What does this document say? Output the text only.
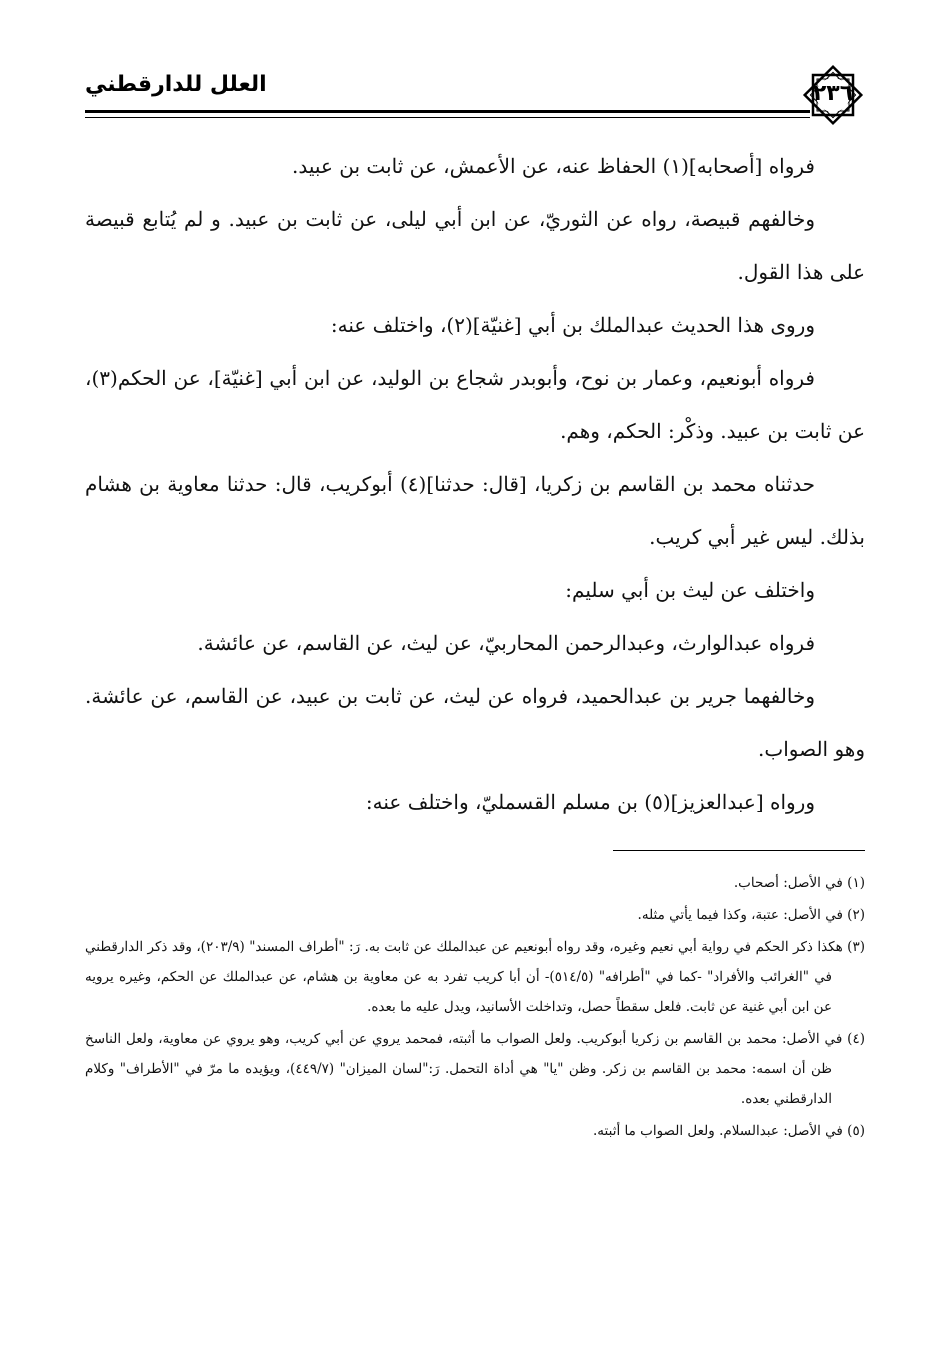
العلل للدارقطني	٢٣٦

فرواه [أصحابه](١) الحفاظ عنه، عن الأعمش، عن ثابت بن عبيد.

وخالفهم قبيصة، رواه عن الثوريّ، عن ابن أبي ليلى، عن ثابت بن عبيد. و لم يُتابع قبيصة على هذا القول.

وروى هذا الحديث عبدالملك بن أبي [غنيّة](٢)، واختلف عنه:

فرواه أبونعيم، وعمار بن نوح، وأبوبدر شجاع بن الوليد، عن ابن أبي [غنيّة]، عن الحكم(٣)، عن ثابت بن عبيد. وذكْر: الحكم، وهم.

حدثناه محمد بن القاسم بن زكريا، [قال: حدثنا](٤) أبوكريب، قال: حدثنا معاوية بن هشام بذلك. ليس غير أبي كريب.

واختلف عن ليث بن أبي سليم:

فرواه عبدالوارث، وعبدالرحمن المحاربيّ، عن ليث، عن القاسم، عن عائشة.

وخالفهما جرير بن عبدالحميد، فرواه عن ليث، عن ثابت بن عبيد، عن القاسم، عن عائشة. وهو الصواب.

ورواه [عبدالعزيز](٥) بن مسلم القسمليّ، واختلف عنه:

(١) في الأصل: أصحاب.

(٢) في الأصل: عتبة، وكذا فيما يأتي مثله.

(٣) هكذا ذكر الحكم في رواية أبي نعيم وغيره، وقد رواه أبونعيم عن عبدالملك عن ثابت به. رَ: "أطراف المسند" (٢٠٣/٩)، وقد ذكر الدارقطني في "الغرائب والأفراد" -كما في "أطرافه" (٥١٤/٥)- أن أبا كريب تفرد به عن معاوية بن هشام، عن عبدالملك عن الحكم، وغيره يرويه عن ابن أبي غنية عن ثابت. فلعل سقطاً حصل، وتداخلت الأسانيد، ويدل عليه ما بعده.

(٤) في الأصل: محمد بن القاسم بن زكريا أبوكريب. ولعل الصواب ما أثبته، فمحمد يروي عن أبي كريب، وهو يروي عن معاوية، ولعل الناسخ ظن أن اسمه: محمد بن القاسم بن زكر. وظن "يا" هي أداة التحمل. رَ:"لسان الميزان" (٤٤٩/٧)، ويؤيده ما مرّ في "الأطراف" وكلام الدارقطني بعده.

(٥) في الأصل: عبدالسلام. ولعل الصواب ما أثبته.
